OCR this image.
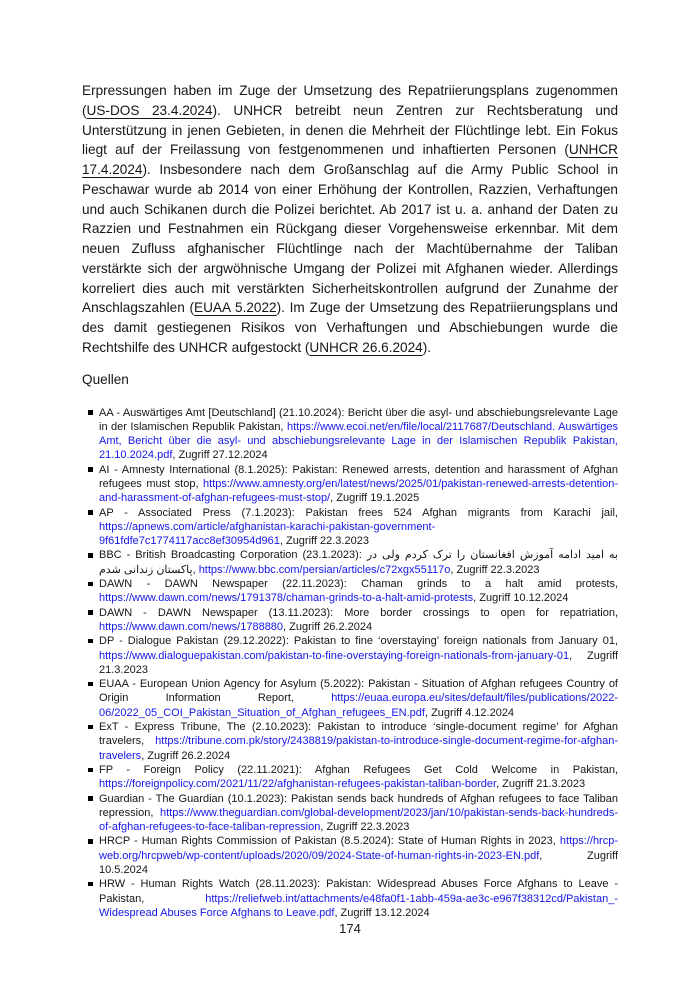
Erpressungen haben im Zuge der Umsetzung des Repatriierungsplans zugenommen (US-DOS 23.4.2024). UNHCR betreibt neun Zentren zur Rechtsberatung und Unterstützung in jenen Gebieten, in denen die Mehrheit der Flüchtlinge lebt. Ein Fokus liegt auf der Freilassung von festgenommenen und inhaftierten Personen (UNHCR 17.4.2024). Insbesondere nach dem Großanschlag auf die Army Public School in Peschawar wurde ab 2014 von einer Erhöhung der Kontrollen, Razzien, Verhaftungen und auch Schikanen durch die Polizei berichtet. Ab 2017 ist u. a. anhand der Daten zu Razzien und Festnahmen ein Rückgang dieser Vorgehensweise erkennbar. Mit dem neuen Zufluss afghanischer Flüchtlinge nach der Machtübernahme der Taliban verstärkte sich der argwöhnische Umgang der Polizei mit Afghanen wieder. Allerdings korreliert dies auch mit verstärkten Sicherheitskontrollen aufgrund der Zunahme der Anschlagszahlen (EUAA 5.2022). Im Zuge der Umsetzung des Repatriierungsplans und des damit gestiegenen Risikos von Verhaftungen und Abschiebungen wurde die Rechtshilfe des UNHCR aufgestockt (UNHCR 26.6.2024).
Quellen
AA - Auswärtiges Amt [Deutschland] (21.10.2024): Bericht über die asyl- und abschiebungsrelevante Lage in der Islamischen Republik Pakistan, https://www.ecoi.net/en/file/local/2117687/Deutschland. Auswärtiges Amt, Bericht über die asyl- und abschiebungsrelevante Lage in der Islamischen Republik Pakistan, 21.10.2024.pdf, Zugriff 27.12.2024
AI - Amnesty International (8.1.2025): Pakistan: Renewed arrests, detention and harassment of Afghan refugees must stop, https://www.amnesty.org/en/latest/news/2025/01/pakistan-renewed-arrests-detention-and-harassment-of-afghan-refugees-must-stop/, Zugriff 19.1.2025
AP - Associated Press (7.1.2023): Pakistan frees 524 Afghan migrants from Karachi jail, https://apnews.com/article/afghanistan-karachi-pakistan-government-9f61fdfe7c1774117acc8ef30954d961, Zugriff 22.3.2023
BBC - British Broadcasting Corporation (23.1.2023): به امید ادامه آموزش افغانستان را ترک کردم ولی در پاکستان زندانی شدم, https://www.bbc.com/persian/articles/c72xgx55117o, Zugriff 22.3.2023
DAWN - DAWN Newspaper (22.11.2023): Chaman grinds to a halt amid protests, https://www.dawn.com/news/1791378/chaman-grinds-to-a-halt-amid-protests, Zugriff 10.12.2024
DAWN - DAWN Newspaper (13.11.2023): More border crossings to open for repatriation, https://www.dawn.com/news/1788880, Zugriff 26.2.2024
DP - Dialogue Pakistan (29.12.2022): Pakistan to fine ‘overstaying’ foreign nationals from January 01, https://www.dialoguepakistan.com/pakistan-to-fine-overstaying-foreign-nationals-from-january-01, Zugriff 21.3.2023
EUAA - European Union Agency for Asylum (5.2022): Pakistan - Situation of Afghan refugees Country of Origin Information Report, https://euaa.europa.eu/sites/default/files/publications/2022-06/2022_05_COI_Pakistan_Situation_of_Afghan_refugees_EN.pdf, Zugriff 4.12.2024
ExT - Express Tribune, The (2.10.2023): Pakistan to introduce ‘single-document regime’ for Afghan travelers, https://tribune.com.pk/story/2438819/pakistan-to-introduce-single-document-regime-for-afghan-travelers, Zugriff 26.2.2024
FP - Foreign Policy (22.11.2021): Afghan Refugees Get Cold Welcome in Pakistan, https://foreignpolicy.com/2021/11/22/afghanistan-refugees-pakistan-taliban-border, Zugriff 21.3.2023
Guardian - The Guardian (10.1.2023): Pakistan sends back hundreds of Afghan refugees to face Taliban repression, https://www.theguardian.com/global-development/2023/jan/10/pakistan-sends-back-hundreds-of-afghan-refugees-to-face-taliban-repression, Zugriff 22.3.2023
HRCP - Human Rights Commission of Pakistan (8.5.2024): State of Human Rights in 2023, https://hrcp-web.org/hrcpweb/wp-content/uploads/2020/09/2024-State-of-human-rights-in-2023-EN.pdf, Zugriff 10.5.2024
HRW - Human Rights Watch (28.11.2023): Pakistan: Widespread Abuses Force Afghans to Leave - Pakistan, https://reliefweb.int/attachments/e48fa0f1-1abb-459a-ae3c-e967f38312cd/Pakistan_-Widespread Abuses Force Afghans to Leave.pdf, Zugriff 13.12.2024
174
